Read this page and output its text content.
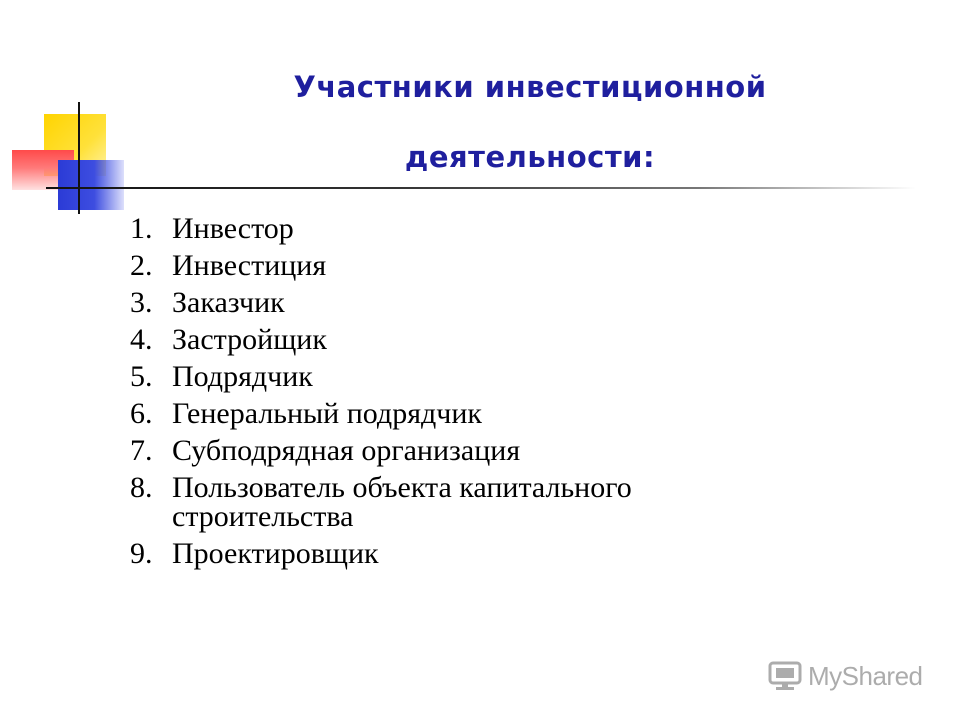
Участники инвестиционной
деятельности:
1. Инвестор
2. Инвестиция
3. Заказчик
4. Застройщик
5. Подрядчик
6. Генеральный подрядчик
7. Субподрядная организация
8. Пользователь объекта капитального строительства
9. Проектировщик
MyShared
